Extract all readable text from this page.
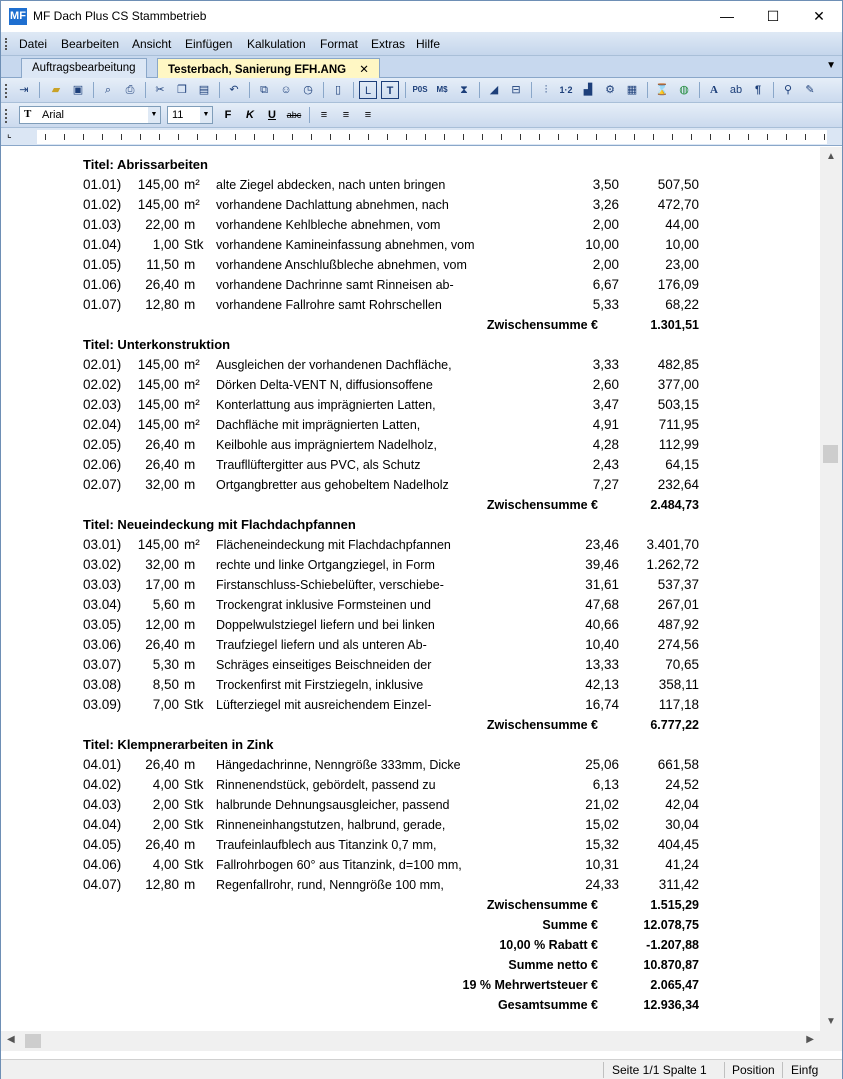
MF MF Dach Plus CS Stammbetrieb	—	☐	✕
Datei Bearbeiten Ansicht Einfügen Kalkulation Format Extras Hilfe
Auftragsbearbeitung	Testerbach, Sanierung EFH.ANG ✕	▼
⇥	▰	▣	⌕	⎙	✂	❐	▤	↶	⧉	☺	◷	▯	L	T	P0S	M$	⧗	◢	⊟	⫶	1·2	▟	⚙	▦	⌛ ◍	A	ab	¶	⚲	✎
T Arial	▼	11	▼	F	K	U	abc	≡	≡	≡
⌞
Titel: Abrissarbeiten
01.01)	145,00 m²	alte Ziegel abdecken, nach unten bringen	3,50	507,50
01.02)	145,00 m²	vorhandene Dachlattung abnehmen, nach	3,26	472,70
01.03)	22,00 m	vorhandene Kehlbleche abnehmen, vom	2,00	44,00
01.04)	1,00 Stk vorhandene Kamineinfassung abnehmen, vom	10,00	10,00
01.05)	11,50 m	vorhandene Anschlußbleche abnehmen, vom	2,00	23,00
01.06)	26,40 m	vorhandene Dachrinne samt Rinneisen ab-	6,67	176,09
01.07)	12,80 m	vorhandene Fallrohre samt Rohrschellen	5,33	68,22
Zwischensumme €	1.301,51
Titel: Unterkonstruktion
02.01)	145,00 m²	Ausgleichen der vorhandenen Dachfläche,	3,33	482,85
02.02)	145,00 m²	Dörken Delta-VENT N, diffusionsoffene	2,60	377,00
02.03)	145,00 m²	Konterlattung aus imprägnierten Latten,	3,47	503,15
02.04)	145,00 m²	Dachfläche mit imprägnierten Latten,	4,91	711,95
02.05)	26,40 m	Keilbohle aus imprägniertem Nadelholz,	4,28	112,99
02.06)	26,40 m	Traufllüftergitter aus PVC, als Schutz	2,43	64,15
02.07)	32,00 m	Ortgangbretter aus gehobeltem Nadelholz	7,27	232,64
Zwischensumme €	2.484,73
Titel: Neueindeckung mit Flachdachpfannen
03.01)	145,00 m²	Flächeneindeckung mit Flachdachpfannen	23,46	3.401,70
03.02)	32,00 m	rechte und linke Ortgangziegel, in Form	39,46	1.262,72
03.03)	17,00 m	Firstanschluss-Schiebelüfter, verschiebe-	31,61	537,37
03.04)	5,60 m	Trockengrat inklusive Formsteinen und	47,68	267,01
03.05)	12,00 m	Doppelwulstziegel liefern und bei linken	40,66	487,92
03.06)	26,40 m	Traufziegel liefern und als unteren Ab-	10,40	274,56
03.07)	5,30 m	Schräges einseitiges Beischneiden der	13,33	70,65
03.08)	8,50 m	Trockenfirst mit Firstziegeln, inklusive	42,13	358,11
03.09)	7,00 Stk Lüfterziegel mit ausreichendem Einzel-	16,74	117,18
Zwischensumme €	6.777,22
Titel: Klempnerarbeiten in Zink
04.01)	26,40 m	Hängedachrinne, Nenngröße 333mm, Dicke	25,06	661,58
04.02)	4,00 Stk Rinnenendstück, gebördelt, passend zu	6,13	24,52
04.03)	2,00 Stk halbrunde Dehnungsausgleicher, passend	21,02	42,04
04.04)	2,00 Stk Rinneneinhangstutzen, halbrund, gerade,	15,02	30,04
04.05)	26,40 m	Traufeinlaufblech aus Titanzink 0,7 mm,	15,32	404,45
04.06)	4,00 Stk Fallrohrbogen 60° aus Titanzink, d=100 mm,	10,31	41,24
04.07)	12,80 m	Regenfallrohr, rund, Nenngröße 100 mm,	24,33	311,42
Zwischensumme €	1.515,29
Summe €	12.078,75
10,00 % Rabatt €	-1.207,88
Summe netto €	10.870,87
19 % Mehrwertsteuer €	2.065,47
Gesamtsumme €	12.936,34
▲
▼
◀	▶
Seite 1/1 Spalte 1 Position Einfg
